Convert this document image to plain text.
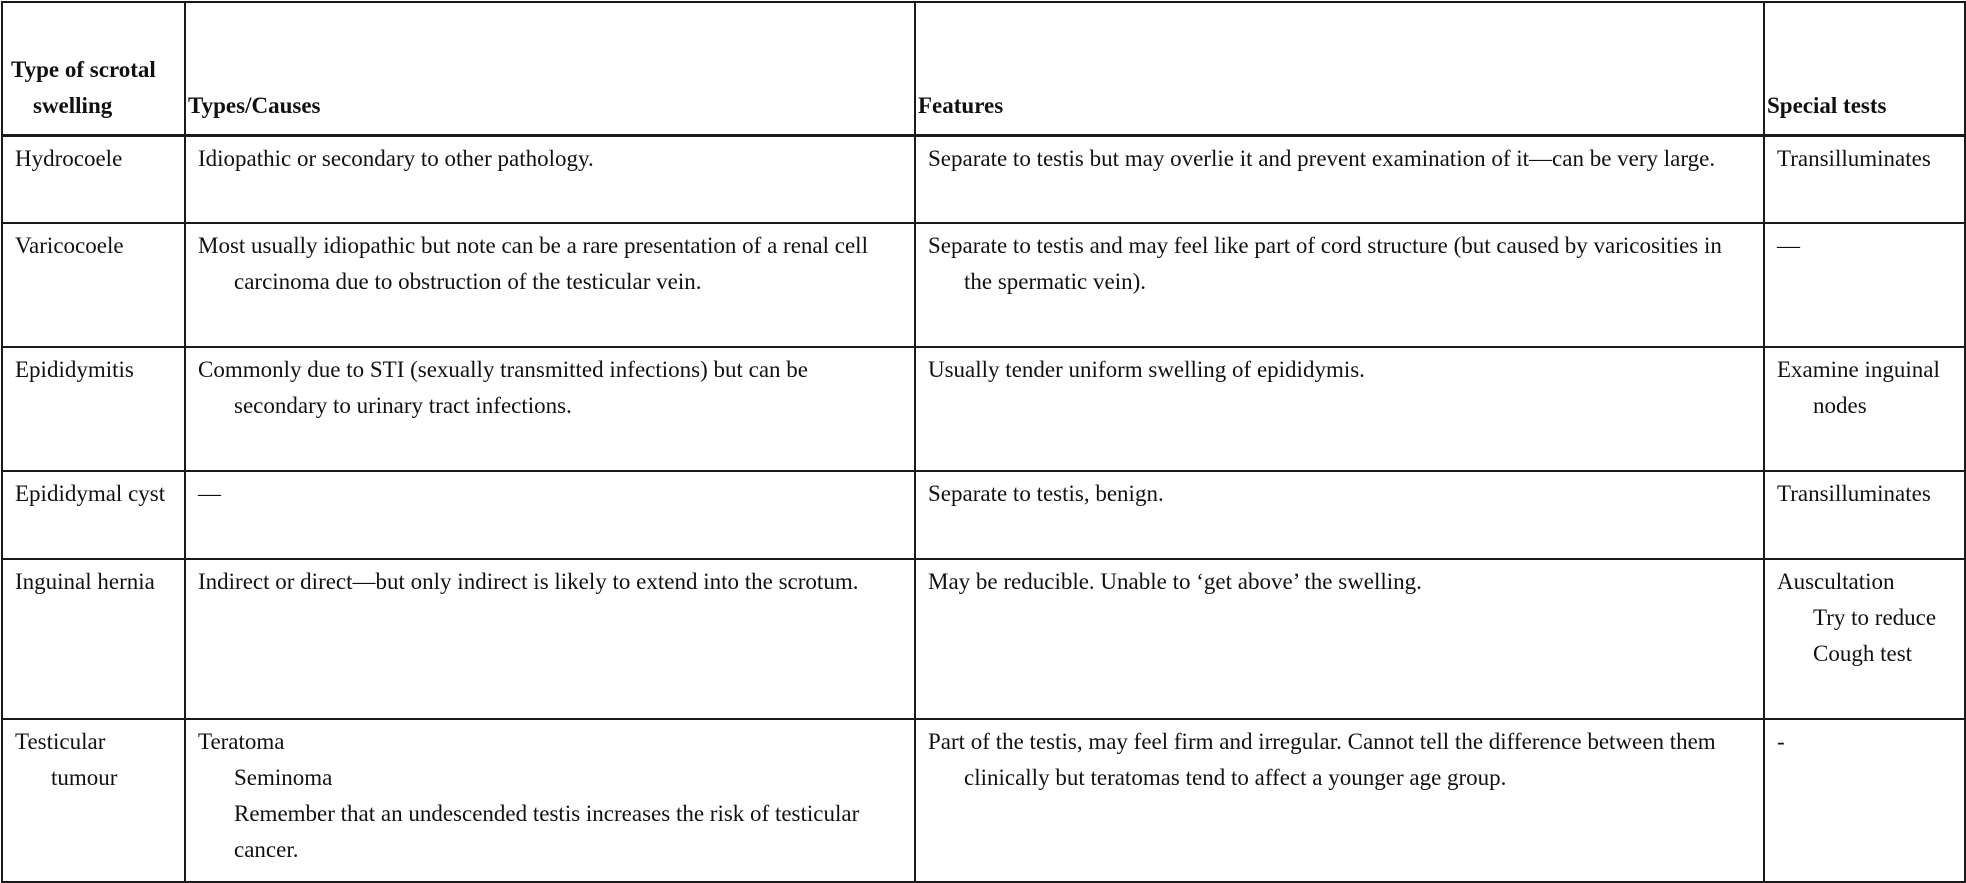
Type of scrotal swelling	Types/Causes	Features	Special tests

Hydrocoele	Idiopathic or secondary to other pathology.	Separate to testis but may overlie it and prevent examination of it—can be very large.	Transilluminates

Varicocoele	Most usually idiopathic but note can be a rare presentation of a renal cell carcinoma due to obstruction of the testicular vein.	Separate to testis and may feel like part of cord structure (but caused by varicosities in the spermatic vein).	—

Epididymitis	Commonly due to STI (sexually transmitted infections) but can be secondary to urinary tract infections.	Usually tender uniform swelling of epididymis.	Examine inguinal nodes

Epididymal cyst	—	Separate to testis, benign.	Transilluminates

Inguinal hernia	Indirect or direct—but only indirect is likely to extend into the scrotum.	May be reducible. Unable to ‘get above’ the swelling.	Auscultation
Try to reduce
Cough test

Testicular tumour	Teratoma
Seminoma
Remember that an undescended testis increases the risk of testicular cancer.	Part of the testis, may feel firm and irregular. Cannot tell the difference between them clinically but teratomas tend to affect a younger age group.	-
